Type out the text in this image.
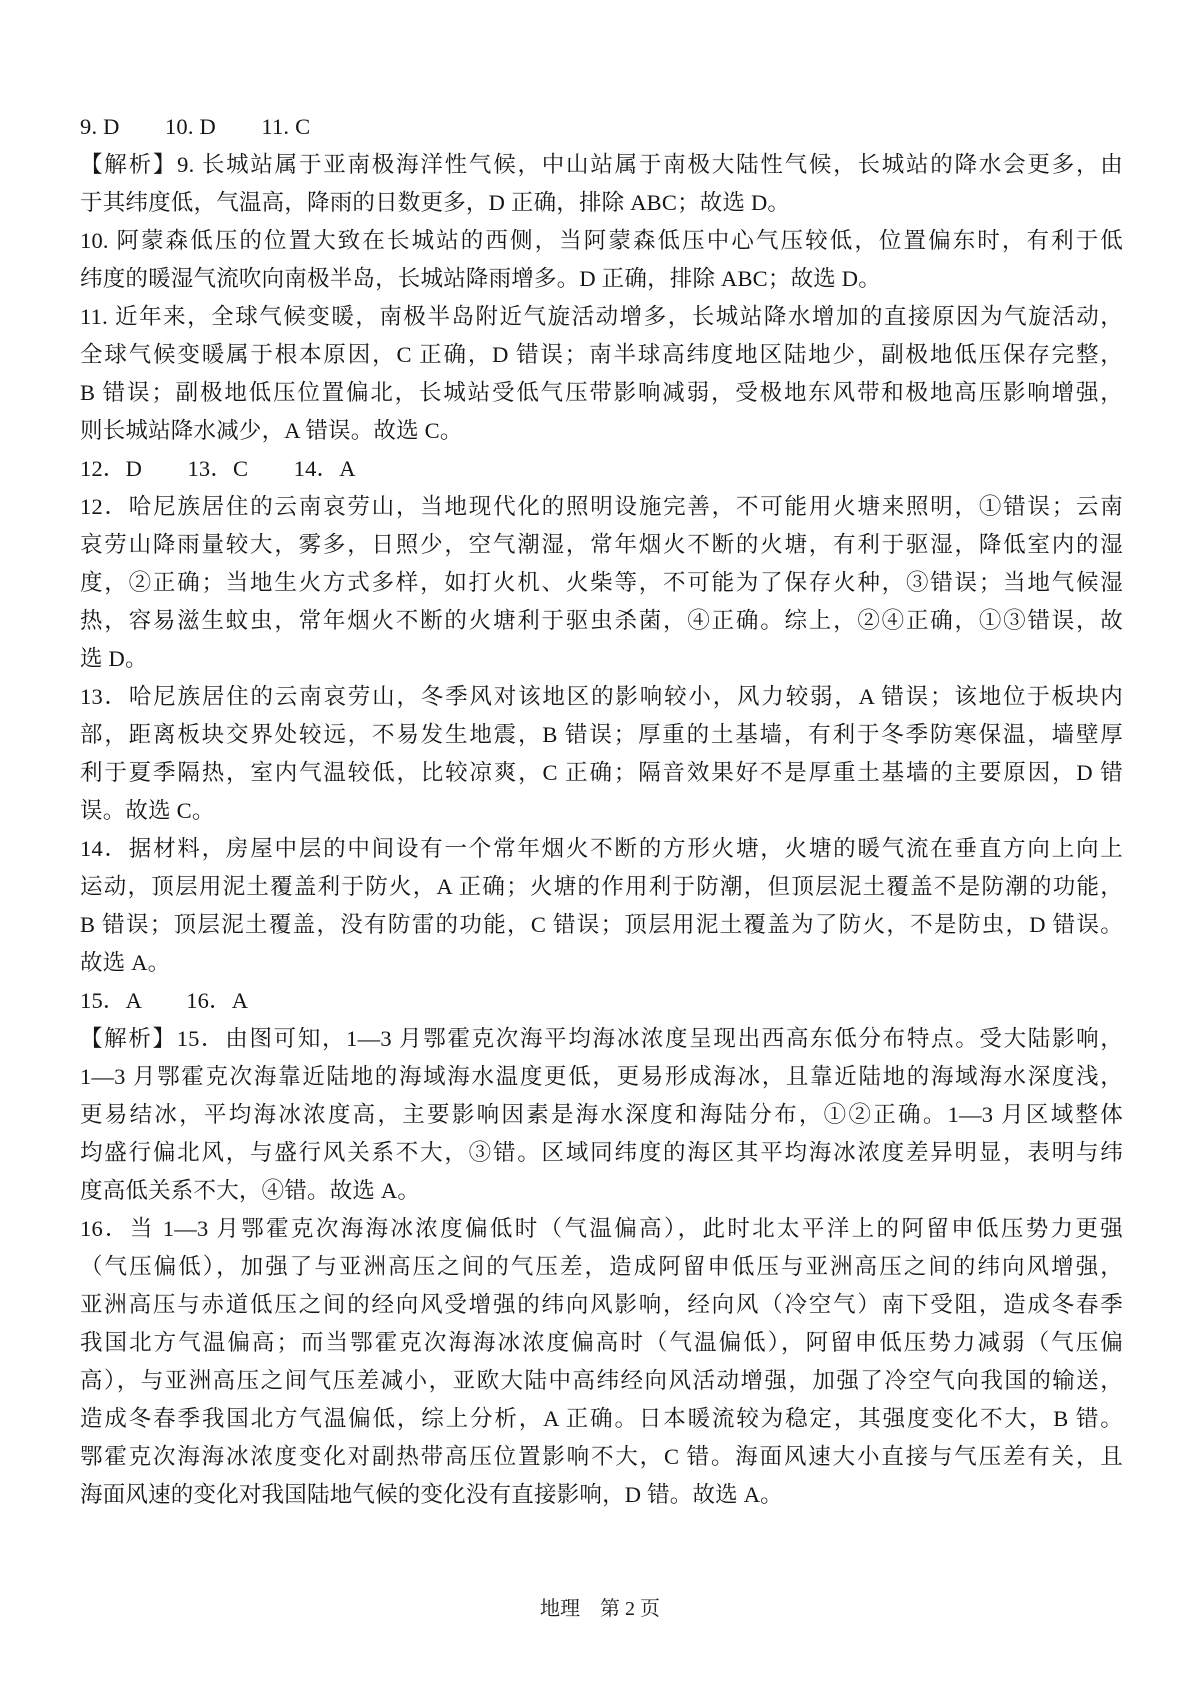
9. D　　10. D　　11. C
【解析】9. 长城站属于亚南极海洋性气候，中山站属于南极大陆性气候，长城站的降水会更多，由
于其纬度低，气温高，降雨的日数更多，D 正确，排除 ABC；故选 D。
10. 阿蒙森低压的位置大致在长城站的西侧，当阿蒙森低压中心气压较低，位置偏东时，有利于低
纬度的暖湿气流吹向南极半岛，长城站降雨增多。D 正确，排除 ABC；故选 D。
11. 近年来，全球气候变暖，南极半岛附近气旋活动增多，长城站降水增加的直接原因为气旋活动，
全球气候变暖属于根本原因，C 正确，D 错误；南半球高纬度地区陆地少，副极地低压保存完整，
B 错误；副极地低压位置偏北，长城站受低气压带影响减弱，受极地东风带和极地高压影响增强，
则长城站降水减少，A 错误。故选 C。
12．D　　13．C　　14．A
12．哈尼族居住的云南哀劳山，当地现代化的照明设施完善，不可能用火塘来照明，①错误；云南
哀劳山降雨量较大，雾多，日照少，空气潮湿，常年烟火不断的火塘，有利于驱湿，降低室内的湿
度，②正确；当地生火方式多样，如打火机、火柴等，不可能为了保存火种，③错误；当地气候湿
热，容易滋生蚊虫，常年烟火不断的火塘利于驱虫杀菌，④正确。综上，②④正确，①③错误，故
选 D。
13．哈尼族居住的云南哀劳山，冬季风对该地区的影响较小，风力较弱，A 错误；该地位于板块内
部，距离板块交界处较远，不易发生地震，B 错误；厚重的土基墙，有利于冬季防寒保温，墙壁厚
利于夏季隔热，室内气温较低，比较凉爽，C 正确；隔音效果好不是厚重土基墙的主要原因，D 错
误。故选 C。
14．据材料，房屋中层的中间设有一个常年烟火不断的方形火塘，火塘的暖气流在垂直方向上向上
运动，顶层用泥土覆盖利于防火，A 正确；火塘的作用利于防潮，但顶层泥土覆盖不是防潮的功能，
B 错误；顶层泥土覆盖，没有防雷的功能，C 错误；顶层用泥土覆盖为了防火，不是防虫，D 错误。
故选 A。
15．A　　16．A
【解析】15．由图可知，1—3 月鄂霍克次海平均海冰浓度呈现出西高东低分布特点。受大陆影响，
1—3 月鄂霍克次海靠近陆地的海域海水温度更低，更易形成海冰，且靠近陆地的海域海水深度浅，
更易结冰，平均海冰浓度高，主要影响因素是海水深度和海陆分布，①②正确。1—3 月区域整体
均盛行偏北风，与盛行风关系不大，③错。区域同纬度的海区其平均海冰浓度差异明显，表明与纬
度高低关系不大，④错。故选 A。
16．当 1—3 月鄂霍克次海海冰浓度偏低时（气温偏高），此时北太平洋上的阿留申低压势力更强
（气压偏低），加强了与亚洲高压之间的气压差，造成阿留申低压与亚洲高压之间的纬向风增强，
亚洲高压与赤道低压之间的经向风受增强的纬向风影响，经向风（冷空气）南下受阻，造成冬春季
我国北方气温偏高；而当鄂霍克次海海冰浓度偏高时（气温偏低），阿留申低压势力减弱（气压偏
高），与亚洲高压之间气压差减小，亚欧大陆中高纬经向风活动增强，加强了冷空气向我国的输送，
造成冬春季我国北方气温偏低，综上分析，A 正确。日本暖流较为稳定，其强度变化不大，B 错。
鄂霍克次海海冰浓度变化对副热带高压位置影响不大，C 错。海面风速大小直接与气压差有关，且
海面风速的变化对我国陆地气候的变化没有直接影响，D 错。故选 A。
地理　第 2 页
